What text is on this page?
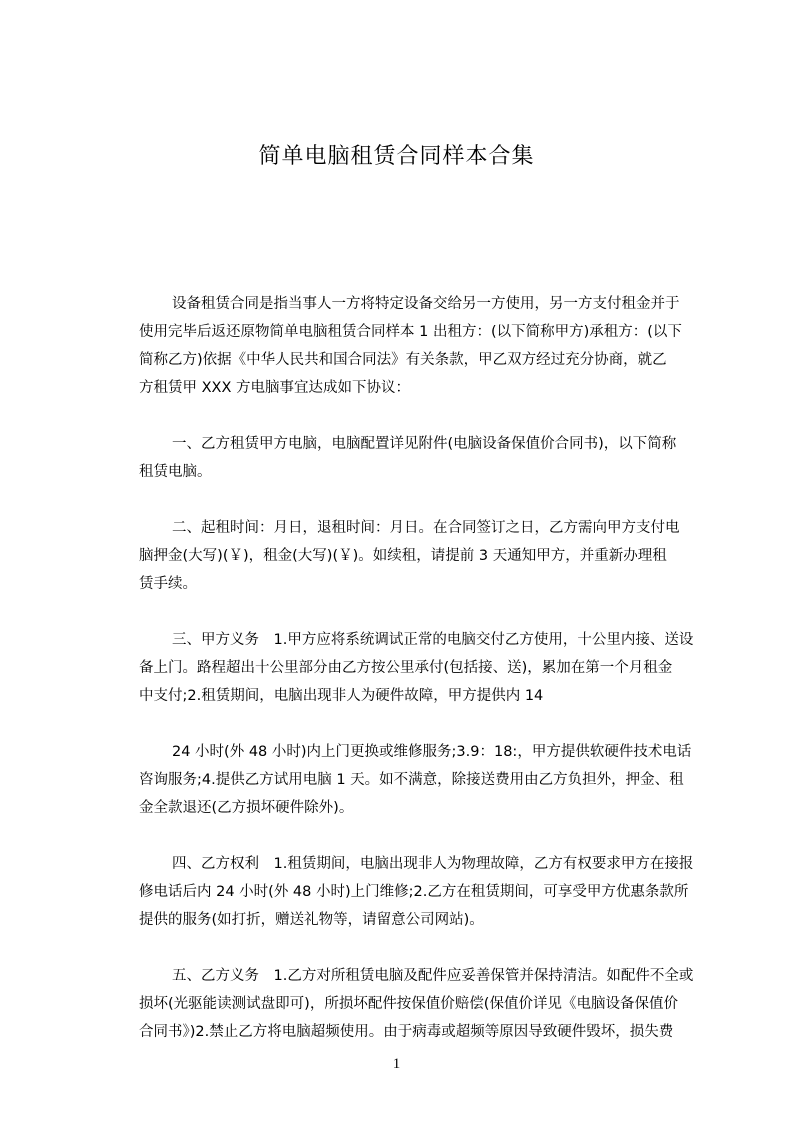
简单电脑租赁合同样本合集
设备租赁合同是指当事人一方将特定设备交给另一方使用，另一方支付租金并于
使用完毕后返还原物简单电脑租赁合同样本 1 出租方：(以下简称甲方)承租方：(以下
简称乙方)依据《中华人民共和国合同法》有关条款，甲乙双方经过充分协商，就乙
方租赁甲 XXX 方电脑事宜达成如下协议：
一、乙方租赁甲方电脑，电脑配置详见附件(电脑设备保值价合同书)，以下简称
租赁电脑。
二、起租时间：月日，退租时间：月日。在合同签订之日，乙方需向甲方支付电
脑押金(大写)(￥)，租金(大写)(￥)。如续租，请提前 3 天通知甲方，并重新办理租
赁手续。
三、甲方义务　1.甲方应将系统调试正常的电脑交付乙方使用，十公里内接、送设
备上门。路程超出十公里部分由乙方按公里承付(包括接、送)，累加在第一个月租金
中支付;2.租赁期间，电脑出现非人为硬件故障，甲方提供内 14
24 小时(外 48 小时)内上门更换或维修服务;3.9：18:，甲方提供软硬件技术电话
咨询服务;4.提供乙方试用电脑 1 天。如不满意，除接送费用由乙方负担外，押金、租
金全款退还(乙方损坏硬件除外)。
四、乙方权利　1.租赁期间，电脑出现非人为物理故障，乙方有权要求甲方在接报
修电话后内 24 小时(外 48 小时)上门维修;2.乙方在租赁期间，可享受甲方优惠条款所
提供的服务(如打折，赠送礼物等，请留意公司网站)。
五、乙方义务　1.乙方对所租赁电脑及配件应妥善保管并保持清洁。如配件不全或
损坏(光驱能读测试盘即可)，所损坏配件按保值价赔偿(保值价详见《电脑设备保值价
合同书》)2.禁止乙方将电脑超频使用。由于病毒或超频等原因导致硬件毁坏，损失费
1
